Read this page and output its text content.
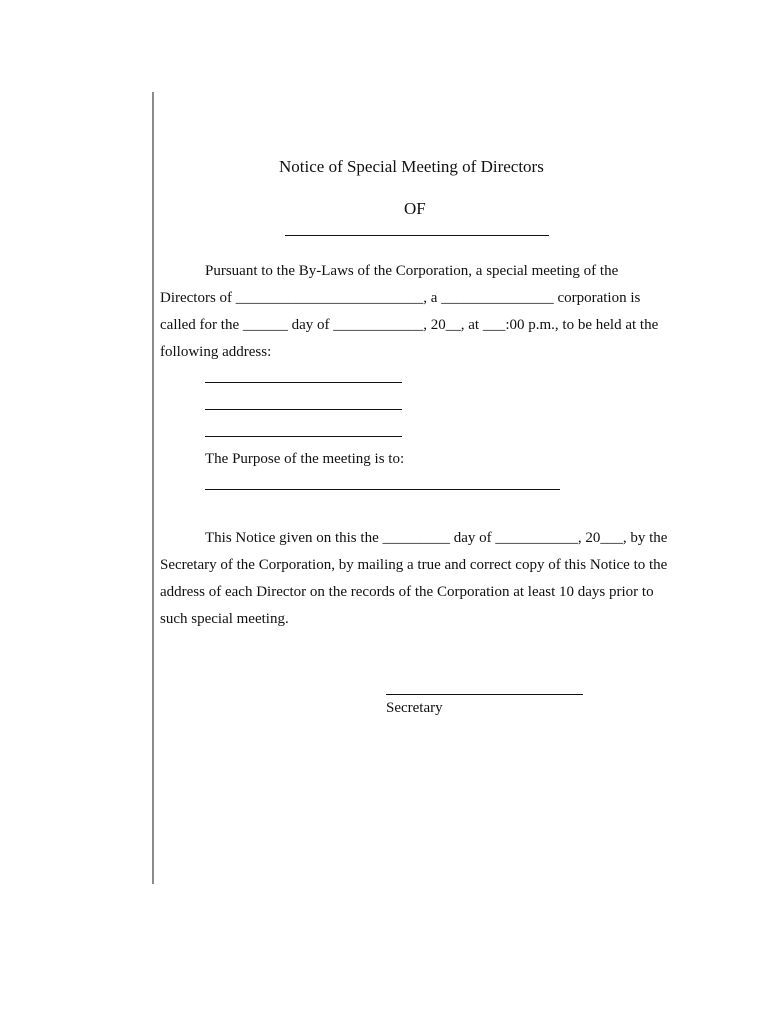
Notice of Special Meeting of Directors
OF
Pursuant to the By-Laws of the Corporation, a special meeting of the
Directors of _________________________, a _______________ corporation is
called for the ______ day of ____________, 20__, at ___:00 p.m., to be held at the
following address:
The Purpose of the meeting is to:
This Notice given on this the _________ day of ___________, 20___, by the
Secretary of the Corporation, by mailing a true and correct copy of this Notice to the
address of each Director on the records of the Corporation at least 10 days prior to
such special meeting.
Secretary
